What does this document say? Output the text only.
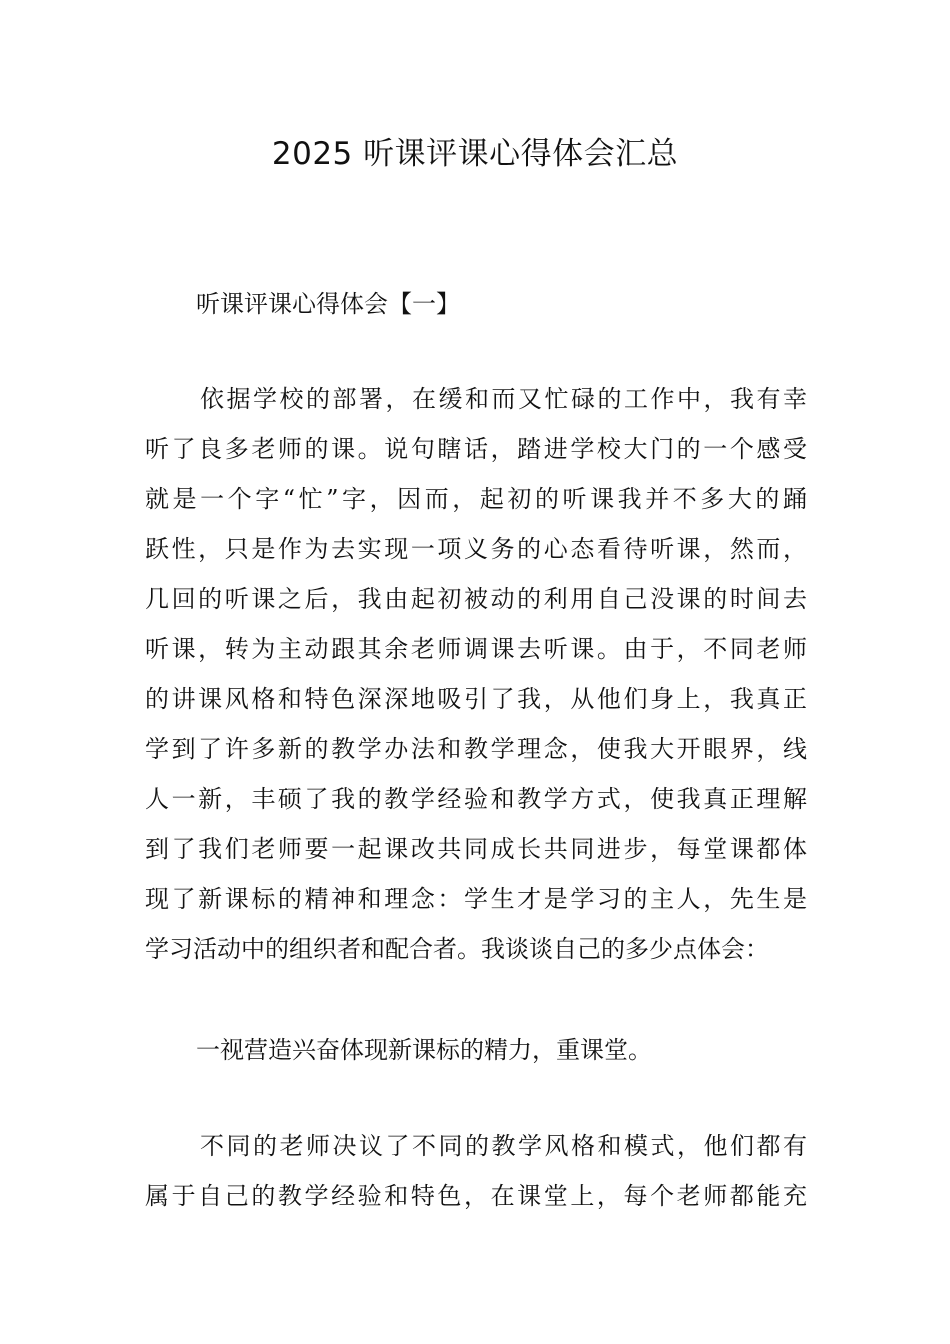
2025 听课评课心得体会汇总

听课评课心得体会【一】

依据学校的部署，在缓和而又忙碌的工作中，我有幸
听了良多老师的课。说句瞎话，踏进学校大门的一个感受
就是一个字“忙”字，因而，起初的听课我并不多大的踊
跃性，只是作为去实现一项义务的心态看待听课，然而，
几回的听课之后，我由起初被动的利用自己没课的时间去
听课，转为主动跟其余老师调课去听课。由于，不同老师
的讲课风格和特色深深地吸引了我，从他们身上，我真正
学到了许多新的教学办法和教学理念，使我大开眼界，线
人一新，丰硕了我的教学经验和教学方式，使我真正理解
到了我们老师要一起课改共同成长共同进步，每堂课都体
现了新课标的精神和理念：学生才是学习的主人，先生是
学习活动中的组织者和配合者。我谈谈自己的多少点体会：

一视营造兴奋体现新课标的精力，重课堂。

不同的老师决议了不同的教学风格和模式，他们都有
属于自己的教学经验和特色，在课堂上，每个老师都能充
